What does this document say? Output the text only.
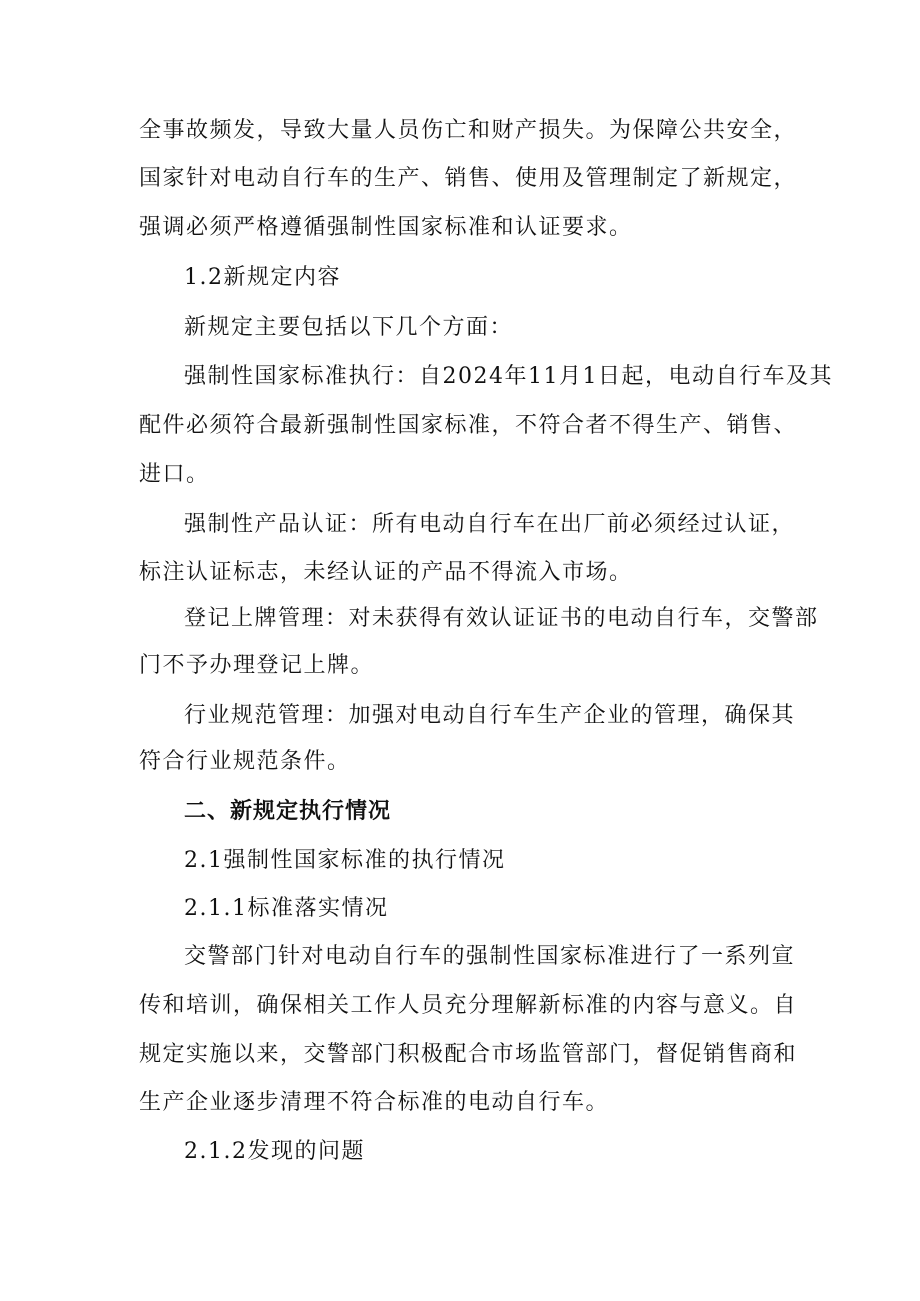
全事故频发，导致大量人员伤亡和财产损失。为保障公共安全，
国家针对电动自行车的生产、销售、使用及管理制定了新规定，
强调必须严格遵循强制性国家标准和认证要求。
1.2新规定内容
新规定主要包括以下几个方面：
强制性国家标准执行：自2024年11月1日起，电动自行车及其
配件必须符合最新强制性国家标准，不符合者不得生产、销售、
进口。
强制性产品认证：所有电动自行车在出厂前必须经过认证，
标注认证标志，未经认证的产品不得流入市场。
登记上牌管理：对未获得有效认证证书的电动自行车，交警部
门不予办理登记上牌。
行业规范管理：加强对电动自行车生产企业的管理，确保其
符合行业规范条件。
二、新规定执行情况
2.1强制性国家标准的执行情况
2.1.1标准落实情况
交警部门针对电动自行车的强制性国家标准进行了一系列宣
传和培训，确保相关工作人员充分理解新标准的内容与意义。自
规定实施以来，交警部门积极配合市场监管部门，督促销售商和
生产企业逐步清理不符合标准的电动自行车。
2.1.2发现的问题
